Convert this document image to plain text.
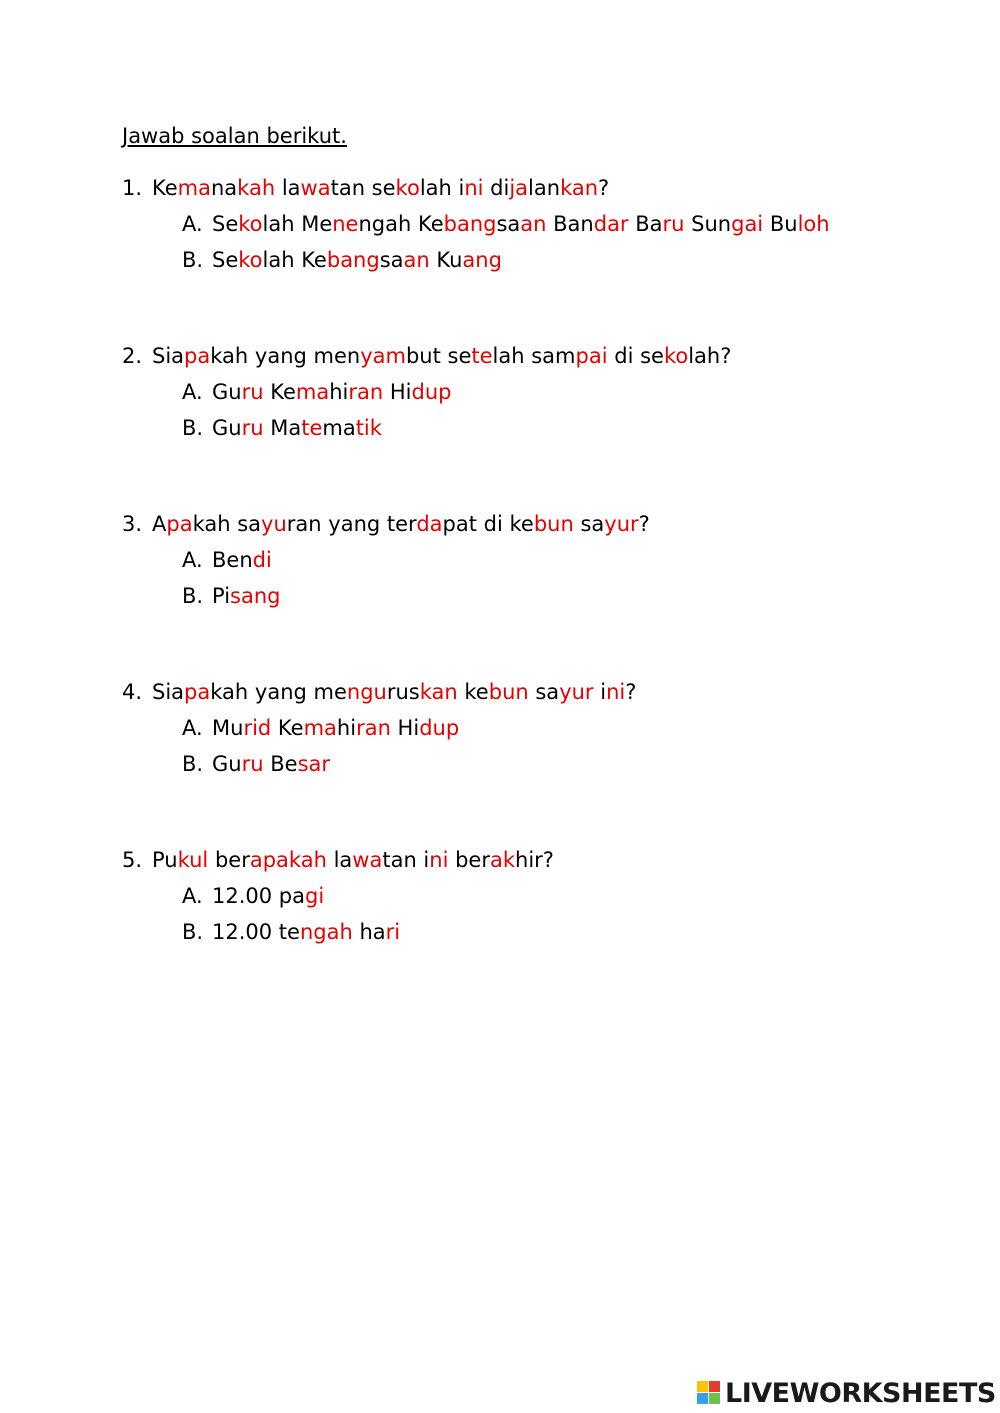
Jawab soalan berikut.

1. Kemanakah lawatan sekolah ini dijalankan?
A. Sekolah Menengah Kebangsaan Bandar Baru Sungai Buloh
B. Sekolah Kebangsaan Kuang
2. Siapakah yang menyambut setelah sampai di sekolah?
A. Guru Kemahiran Hidup
B. Guru Matematik
3. Apakah sayuran yang terdapat di kebun sayur?
A. Bendi
B. Pisang
4. Siapakah yang menguruskan kebun sayur ini?
A. Murid Kemahiran Hidup
B. Guru Besar
5. Pukul berapakah lawatan ini berakhir?
A. 12.00 pagi
B. 12.00 tengah hari
LIVEWORKSHEETS
